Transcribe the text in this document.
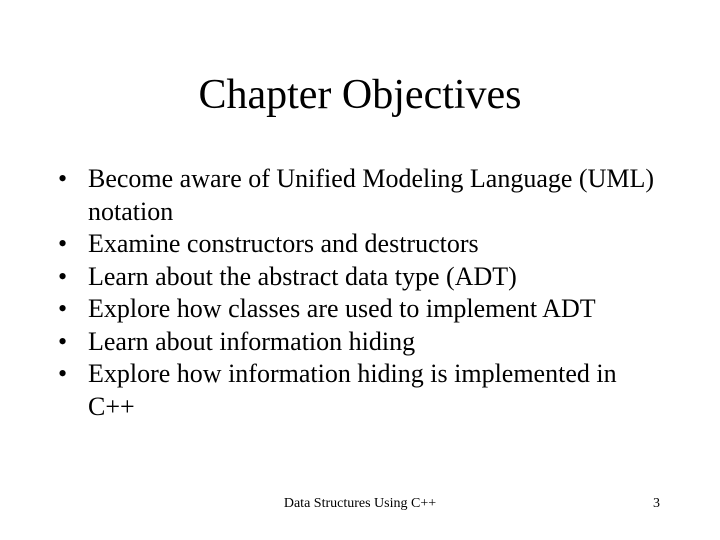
Chapter Objectives
• Become aware of Unified Modeling Language (UML) notation
• Examine constructors and destructors
• Learn about the abstract data type (ADT)
• Explore how classes are used to implement ADT
• Learn about information hiding
• Explore how information hiding is implemented in C++
Data Structures Using C++	3
